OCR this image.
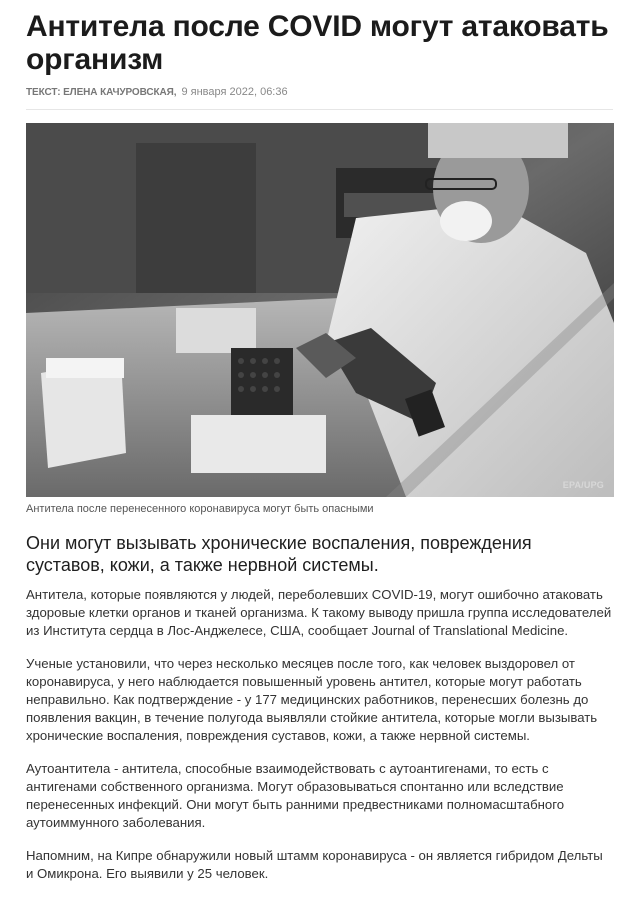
Антитела после COVID могут атаковать организм
ТЕКСТ: ЕЛЕНА КАЧУРОВСКАЯ, 9 января 2022, 06:36
EPA/UPG
Антитела после перенесенного коронавируса могут быть опасными
Они могут вызывать хронические воспаления, повреждения суставов, кожи, а также нервной системы.
Антитела, которые появляются у людей, переболевших COVID-19, могут ошибочно атаковать здоровые клетки органов и тканей организма. К такому выводу пришла группа исследователей из Института сердца в Лос-Анджелесе, США, сообщает Journal of Translational Medicine.
Ученые установили, что через несколько месяцев после того, как человек выздоровел от коронавируса, у него наблюдается повышенный уровень антител, которые могут работать неправильно. Как подтверждение - у 177 медицинских работников, перенесших болезнь до появления вакцин, в течение полугода выявляли стойкие антитела, которые могли вызывать хронические воспаления, повреждения суставов, кожи, а также нервной системы.
Аутоантитела - антитела, способные взаимодействовать с аутоантигенами, то есть с антигенами собственного организма. Могут образовываться спонтанно или вследствие перенесенных инфекций. Они могут быть ранними предвестниками полномасштабного аутоиммунного заболевания.
Напомним, на Кипре обнаружили новый штамм коронавируса - он является гибридом Дельты и Омикрона. Его выявили у 25 человек.
